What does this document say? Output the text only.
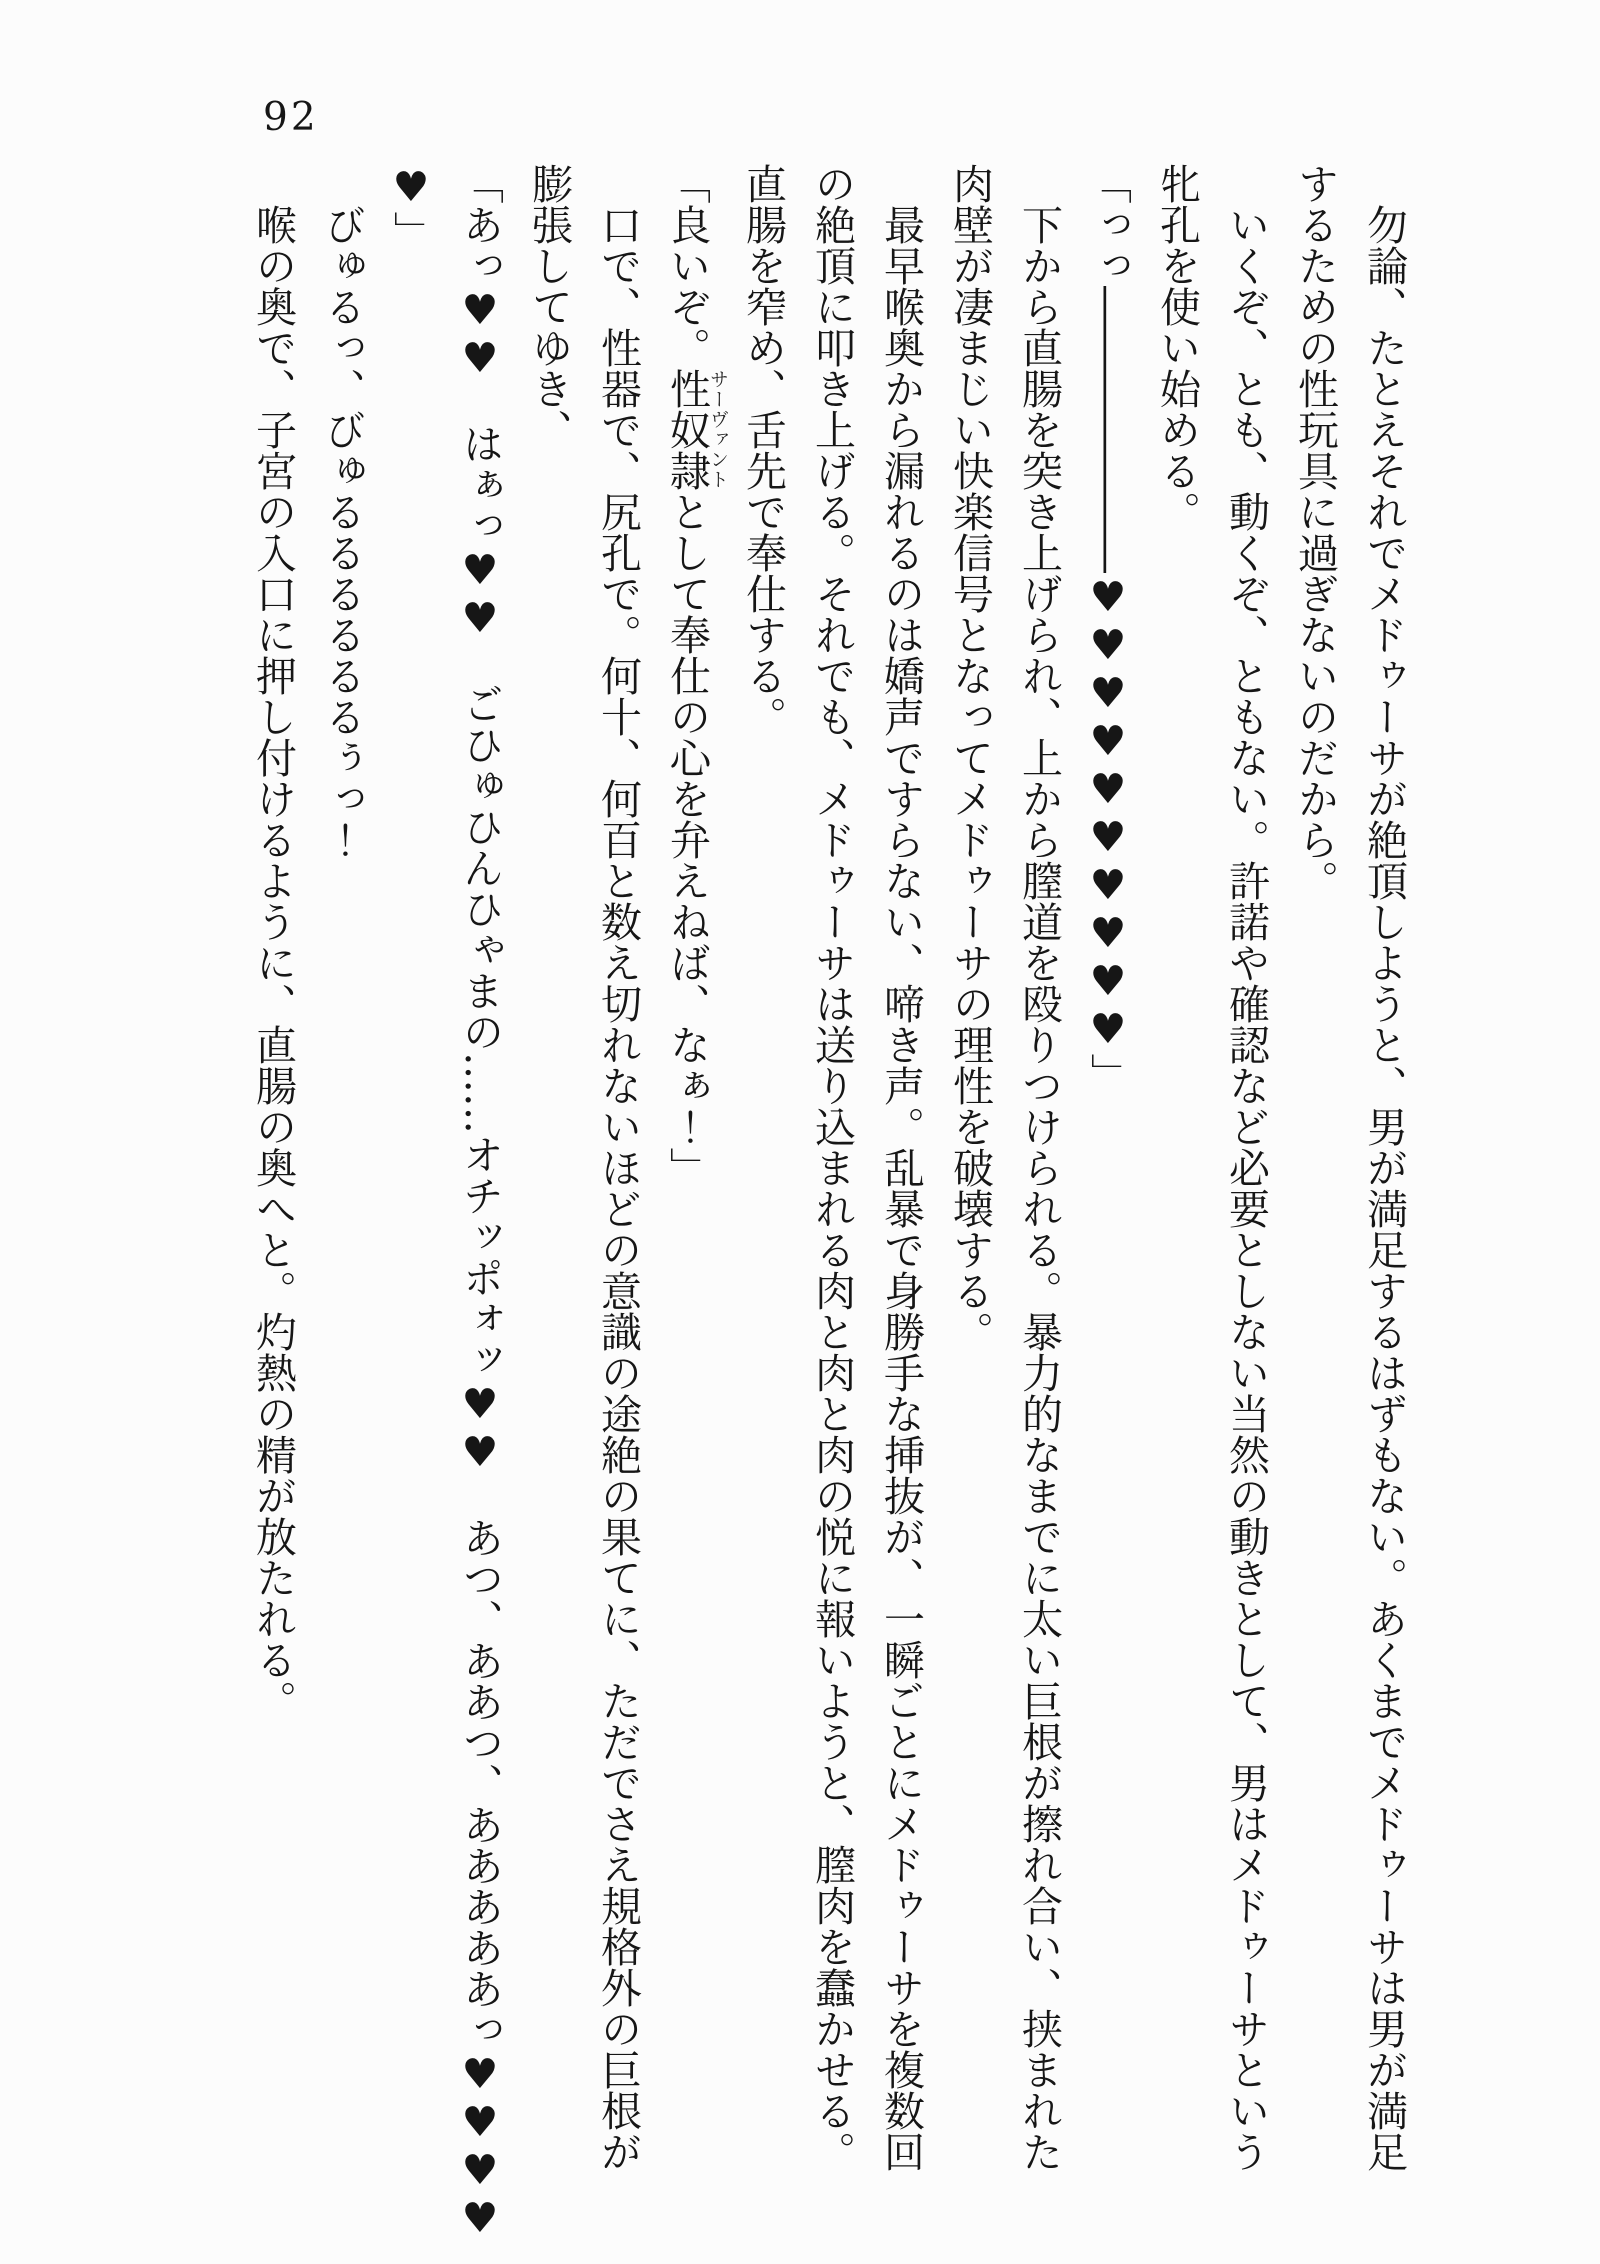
92
勿論、たとえそれでメドゥーサが絶頂しようと、男が満足するはずもない。あくまでメドゥーサは男が満足
するための性玩具に過ぎないのだから。
いくぞ、とも、動くぞ、ともない。許諾や確認など必要としない当然の動きとして、男はメドゥーサという
牝孔を使い始める。
「っっ―――――――♥♥♥♥♥♥♥♥♥♥」
下から直腸を突き上げられ、上から膣道を殴りつけられる。暴力的なまでに太い巨根が擦れ合い、挟まれた
肉壁が凄まじい快楽信号となってメドゥーサの理性を破壊する。
最早喉奥から漏れるのは嬌声ですらない、啼き声。乱暴で身勝手な挿抜が、一瞬ごとにメドゥーサを複数回
の絶頂に叩き上げる。それでも、メドゥーサは送り込まれる肉と肉と肉の悦に報いようと、膣肉を蠢かせる。
直腸を窄め、舌先で奉仕する。
「良いぞ。性奴隷サーヴァントとして奉仕の心を弁えねば、なぁ！」
口で、性器で、尻孔で。何十、何百と数え切れないほどの意識の途絶の果てに、ただでさえ規格外の巨根が
膨張してゆき、
「あっ♥♥　はぁっ♥♥　ごひゅひんひゃまの……オチッポォッ♥♥　あつ、ああつ、あああああっ♥♥♥♥
♥」
びゅるっ、びゅるるるるるるぅっ！
喉の奥で、子宮の入口に押し付けるように、直腸の奥へと。灼熱の精が放たれる。
